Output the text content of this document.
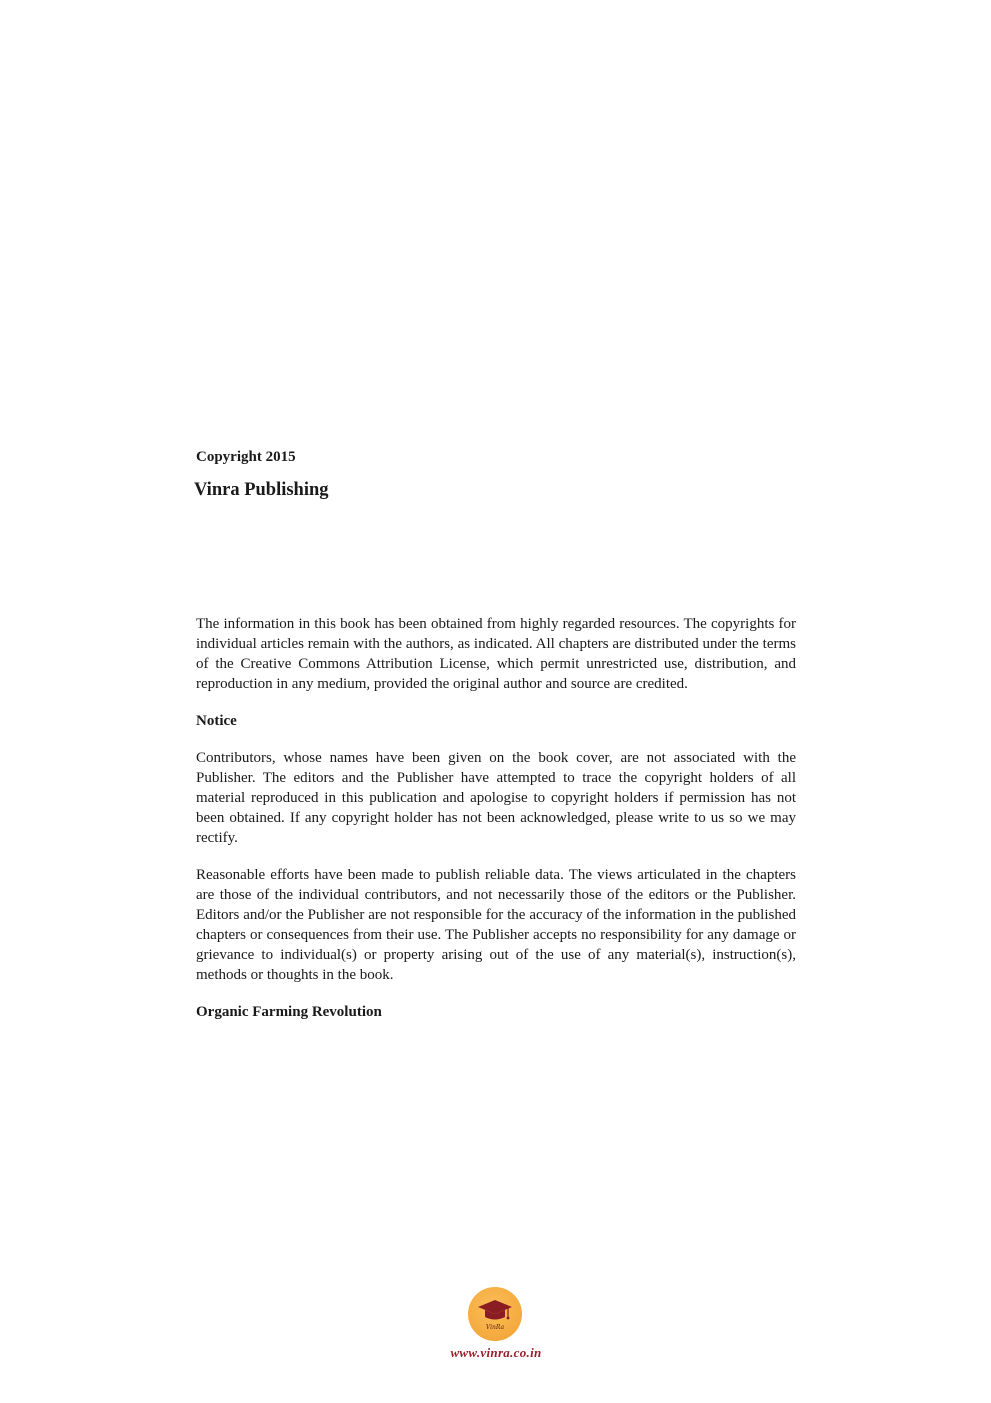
Copyright 2015

Vinra Publishing

The information in this book has been obtained from highly regarded resources. The copyrights for individual articles remain with the authors, as indicated. All chapters are distributed under the terms of the Creative Commons Attribution License, which permit unrestricted use, distribution, and reproduction in any medium, provided the original author and source are credited.

Notice

Contributors, whose names have been given on the book cover, are not associated with the Publisher. The editors and the Publisher have attempted to trace the copyright holders of all material reproduced in this publication and apologise to copyright holders if permission has not been obtained. If any copyright holder has not been acknowledged, please write to us so we may rectify.

Reasonable efforts have been made to publish reliable data. The views articulated in the chapters are those of the individual contributors, and not necessarily those of the editors or the Publisher. Editors and/or the Publisher are not responsible for the accuracy of the information in the published chapters or consequences from their use. The Publisher accepts no responsibility for any damage or grievance to individual(s) or property arising out of the use of any material(s), instruction(s), methods or thoughts in the book.

Organic Farming Revolution

VinRa

www.vinra.co.in
